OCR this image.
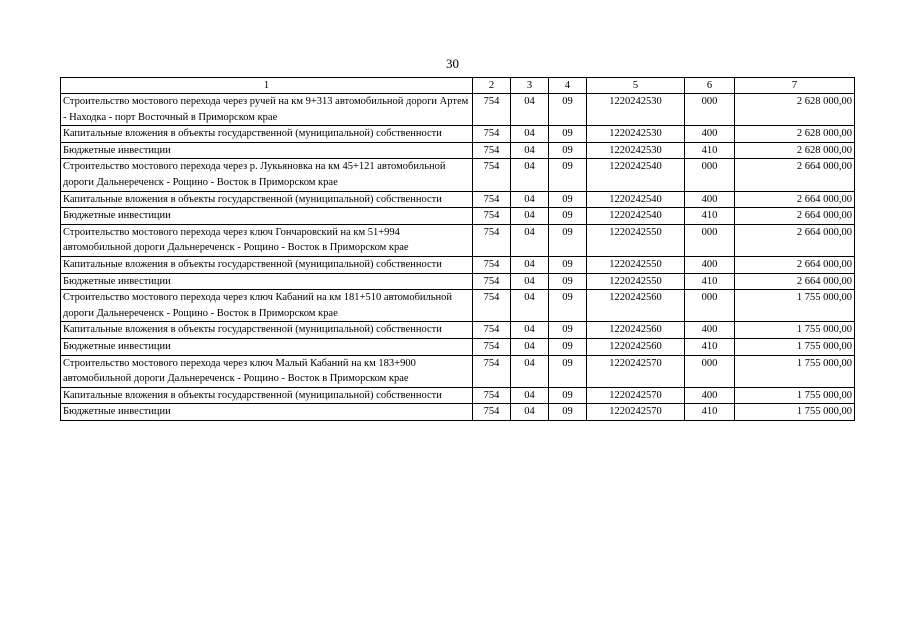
30
1	2	3	4	5	6	7
Строительство мостового перехода через ручей на км 9+313 автомобильной дороги Артем - Находка - порт Восточный в Приморском крае	754	04	09	1220242530	000	2 628 000,00
Капитальные вложения в объекты государственной (муниципальной) собственности	754	04	09	1220242530	400	2 628 000,00
Бюджетные инвестиции	754	04	09	1220242530	410	2 628 000,00
Строительство мостового перехода через р. Лукьяновка на км 45+121 автомобильной дороги Дальнереченск - Рощино - Восток в Приморском крае	754	04	09	1220242540	000	2 664 000,00
Капитальные вложения в объекты государственной (муниципальной) собственности	754	04	09	1220242540	400	2 664 000,00
Бюджетные инвестиции	754	04	09	1220242540	410	2 664 000,00
Строительство мостового перехода через ключ Гончаровский на км 51+994 автомобильной дороги Дальнереченск - Рощино - Восток в Приморском крае	754	04	09	1220242550	000	2 664 000,00
Капитальные вложения в объекты государственной (муниципальной) собственности	754	04	09	1220242550	400	2 664 000,00
Бюджетные инвестиции	754	04	09	1220242550	410	2 664 000,00
Строительство мостового перехода через ключ Кабаний на км 181+510 автомобильной дороги Дальнереченск - Рощино - Восток в Приморском крае	754	04	09	1220242560	000	1 755 000,00
Капитальные вложения в объекты государственной (муниципальной) собственности	754	04	09	1220242560	400	1 755 000,00
Бюджетные инвестиции	754	04	09	1220242560	410	1 755 000,00
Строительство мостового перехода через ключ Малый Кабаний на км 183+900 автомобильной дороги Дальнереченск - Рощино - Восток в Приморском крае	754	04	09	1220242570	000	1 755 000,00
Капитальные вложения в объекты государственной (муниципальной) собственности	754	04	09	1220242570	400	1 755 000,00
Бюджетные инвестиции	754	04	09	1220242570	410	1 755 000,00
